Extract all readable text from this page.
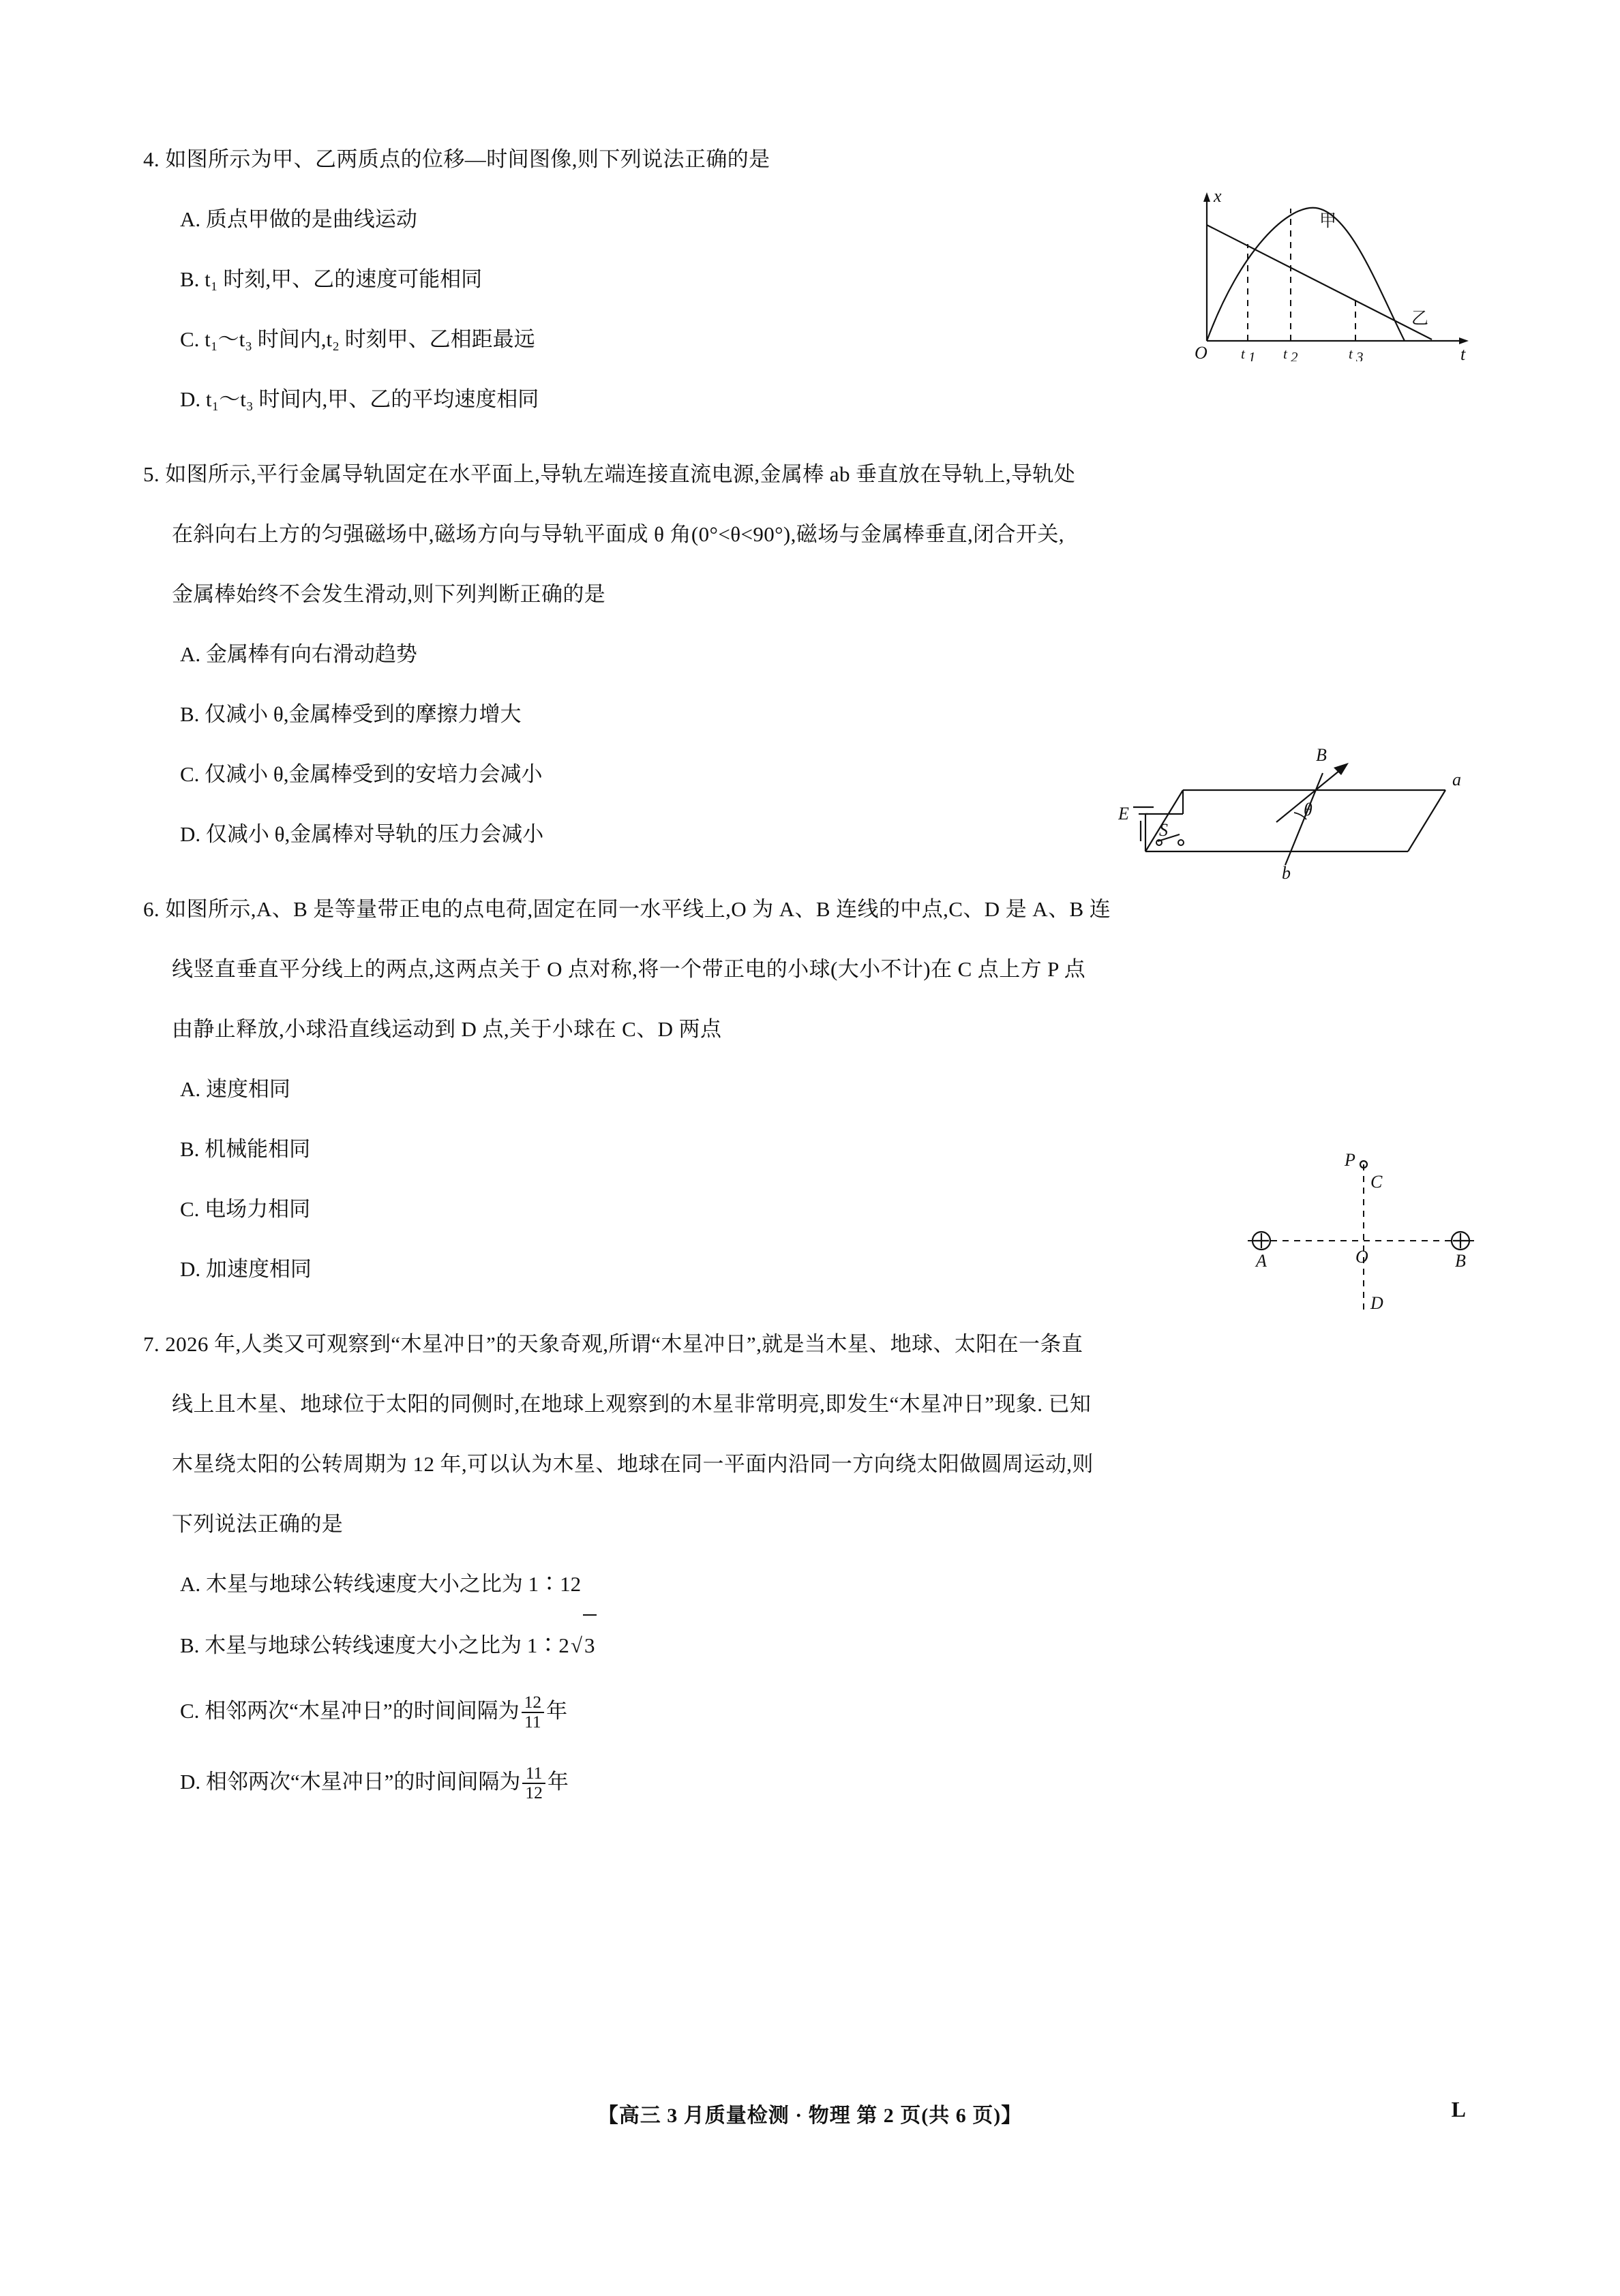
4. 如图所示为甲、乙两质点的位移—时间图像,则下列说法正确的是
A. 质点甲做的是曲线运动
B. t₁ 时刻,甲、乙的速度可能相同
C. t₁～t₃ 时间内,t₂ 时刻甲、乙相距最远
D. t₁～t₃ 时间内,甲、乙的平均速度相同
x
t
O t 1 t 2	t 3
甲
乙
5. 如图所示,平行金属导轨固定在水平面上,导轨左端连接直流电源,金属棒 ab 垂直放在导轨上,导轨处
在斜向右上方的匀强磁场中,磁场方向与导轨平面成 θ 角(0°<θ<90°),磁场与金属棒垂直,闭合开关,
金属棒始终不会发生滑动,则下列判断正确的是
A. 金属棒有向右滑动趋势
B. 仅减小 θ,金属棒受到的摩擦力增大
C. 仅减小 θ,金属棒受到的安培力会减小
D. 仅减小 θ,金属棒对导轨的压力会减小
B
a
b
E
S
θ
6. 如图所示,A、B 是等量带正电的点电荷,固定在同一水平线上,O 为 A、B 连线的中点,C、D 是 A、B 连
线竖直垂直平分线上的两点,这两点关于 O 点对称,将一个带正电的小球(大小不计)在 C 点上方 P 点
由静止释放,小球沿直线运动到 D 点,关于小球在 C、D 两点
A. 速度相同
B. 机械能相同
C. 电场力相同
D. 加速度相同
P
C
A	O	B
D
7. 2026 年,人类又可观察到“木星冲日”的天象奇观,所谓“木星冲日”,就是当木星、地球、太阳在一条直
线上且木星、地球位于太阳的同侧时,在地球上观察到的木星非常明亮,即发生“木星冲日”现象. 已知
木星绕太阳的公转周期为 12 年,可以认为木星、地球在同一平面内沿同一方向绕太阳做圆周运动,则
下列说法正确的是
A. 木星与地球公转线速度大小之比为 1∶12
B. 木星与地球公转线速度大小之比为 1∶2√3
C. 相邻两次“木星冲日”的时间间隔为 $\frac{12}{11}$ 年
D. 相邻两次“木星冲日”的时间间隔为 $\frac{11}{12}$ 年
【高三 3 月质量检测 · 物理 第 2 页(共 6 页)】	L
